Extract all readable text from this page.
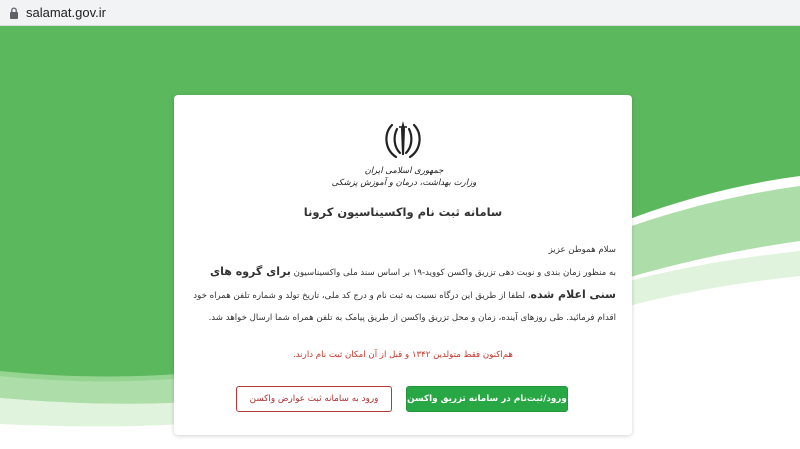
salamat.gov.ir
جمهوری اسلامی ایران
وزارت بهداشت، درمان و آموزش پزشکی
سامانه ثبت نام واکسیناسیون کرونا

سلام هموطن عزیز

به منظور زمان بندی و نوبت دهی تزریق واکسن کووید-۱۹ بر اساس سند ملی واکسیناسیون برای گروه های سنی اعلام شده، لطفا از طریق این درگاه نسبت به ثبت نام و درج کد ملی، تاریخ تولد و شماره تلفن همراه خود اقدام فرمائید. طی روزهای آینده، زمان و محل تزریق واکسن از طریق پیامک به تلفن همراه شما ارسال خواهد شد.

هم‌اکنون فقط متولدین ۱۳۴۲ و قبل از آن امکان ثبت نام دارند.
ورود/ثبت‌نام در سامانه تزریق واکسن
ورود به سامانه ثبت عوارض واکسن
